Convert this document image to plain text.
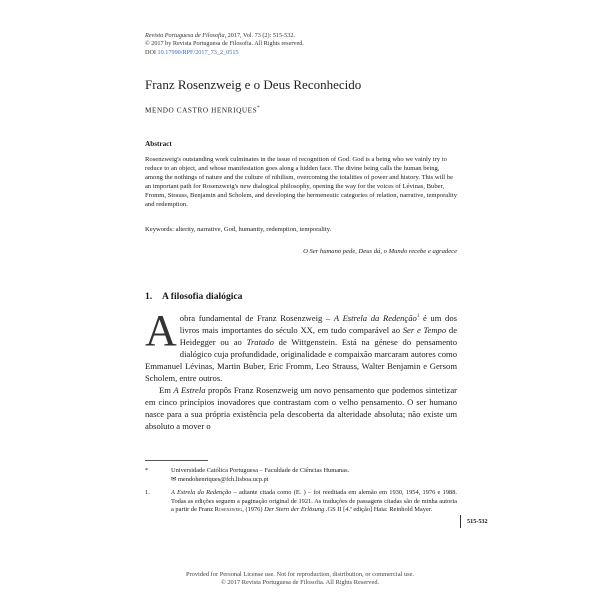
Revista Portuguesa de Filosofia, 2017, Vol. 73 (2): 515-532.
© 2017 by Revista Portuguesa de Filosofia. All Rights reserved.
DOI 10.17990/RPF/2017_73_2_0515
Franz Rosenzweig e o Deus Reconhecido
MENDO CASTRO HENRIQUES*
Abstract
Rosenzweig's outstanding work culminates in the issue of recognition of God. God is a being who we vainly try to reduce to an object, and whose manifestation goes along a hidden face. The divine being calls the human being, among the nothings of nature and the culture of nihilism, overcoming the totalities of power and history. This will be an important path for Rosenzweig's new dialogical philosophy, opening the way for the voices of Lévinas, Buber, Fromm, Strauss, Benjamin and Scholem, and developing the hermeneutic categories of relation, narrative, temporality and redemption.
Keywords: alterity, narrative, God, humanity, redemption, temporality.
O Ser humano pede, Deus dá, o Mundo recebe e agradece
1. A filosofia dialógica

Aobra fundamental de Franz Rosenzweig – A Estrela da Redenção$^1$ é um dos livros mais importantes do século XX, em tudo comparável ao Ser e Tempo de Heidegger ou ao Tratado de Wittgenstein. Está na génese do pensamento dialógico cuja profundidade, originalidade e compaixão marcaram autores como Emmanuel Lévinas, Martin Buber, Eric Fromm, Leo Strauss, Walter Benjamin e Gersom Scholem, entre outros.

Em A Estrela propôs Franz Rosenzweig um novo pensamento que podemos sintetizar em cinco princípios inovadores que contrastam com o velho pensamento. O ser humano nasce para a sua própria existência pela descoberta da alteridade absoluta; não existe um absoluto a mover o

*	Universidade Católica Portuguesa – Faculdade de Ciências Humanas.
✉ mendohenriques@fch.lisboa.ucp.pt
1.	A Estrela da Redenção – adiante citada como (E. ) – foi reeditada em alemão em 1930, 1954, 1976 e 1988. Todas as edições seguem a paginação original de 1921. As traduções de passagens citadas são de minha autoria a partir de Franz Rosenzweig, (1976) Der Stern der Erlösung .GS II [4.ª edição] Haia: Reinhold Mayer.
515-532
Provided for Personal License use. Not for reproduction, distribution, or commercial use.
© 2017 Revista Portuguesa de Filosofia. All Rights Reserved.
